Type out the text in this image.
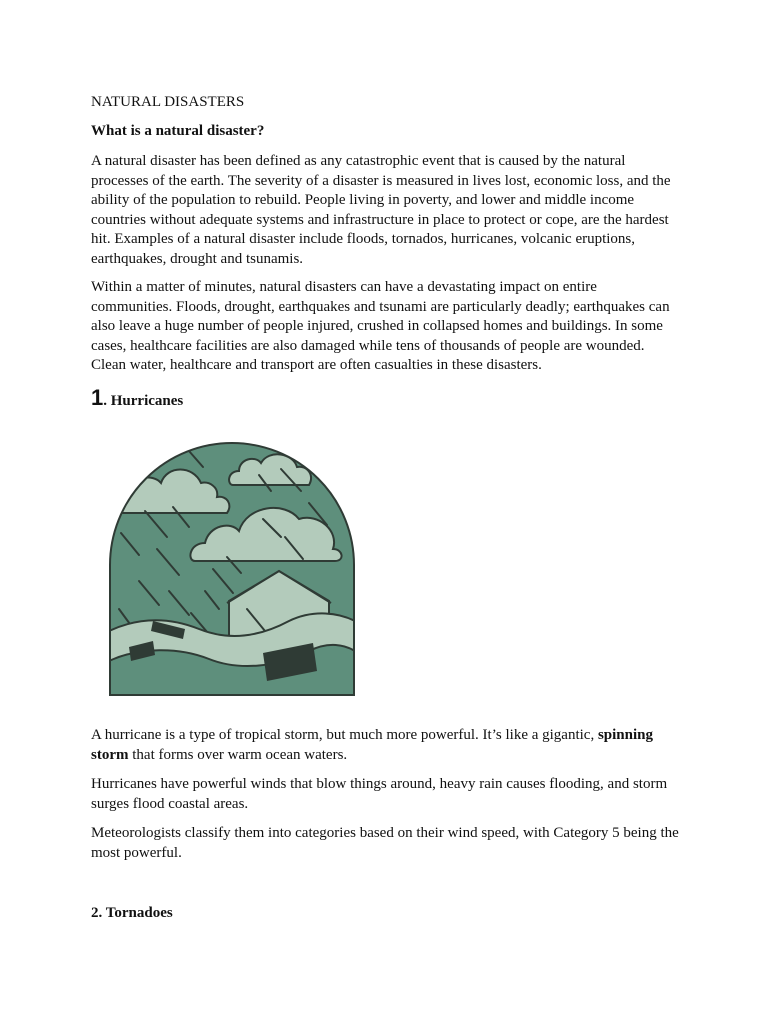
NATURAL DISASTERS
What is a natural disaster?

A natural disaster has been defined as any catastrophic event that is caused by the natural processes of the earth. The severity of a disaster is measured in lives lost, economic loss, and the ability of the population to rebuild. People living in poverty, and lower and middle income countries without adequate systems and infrastructure in place to protect or cope, are the hardest hit. Examples of a natural disaster include floods, tornados, hurricanes, volcanic eruptions, earthquakes, drought and tsunamis.

Within a matter of minutes, natural disasters can have a devastating impact on entire communities. Floods, drought, earthquakes and tsunami are particularly deadly; earthquakes can also leave a huge number of people injured, crushed in collapsed homes and buildings. In some cases, healthcare facilities are also damaged while tens of thousands of people are wounded. Clean water, healthcare and transport are often casualties in these disasters.

1. Hurricanes

A hurricane is a type of tropical storm, but much more powerful. It’s like a gigantic, spinning storm that forms over warm ocean waters.

Hurricanes have powerful winds that blow things around, heavy rain causes flooding, and storm surges flood coastal areas.

Meteorologists classify them into categories based on their wind speed, with Category 5 being the most powerful.

2. Tornadoes
